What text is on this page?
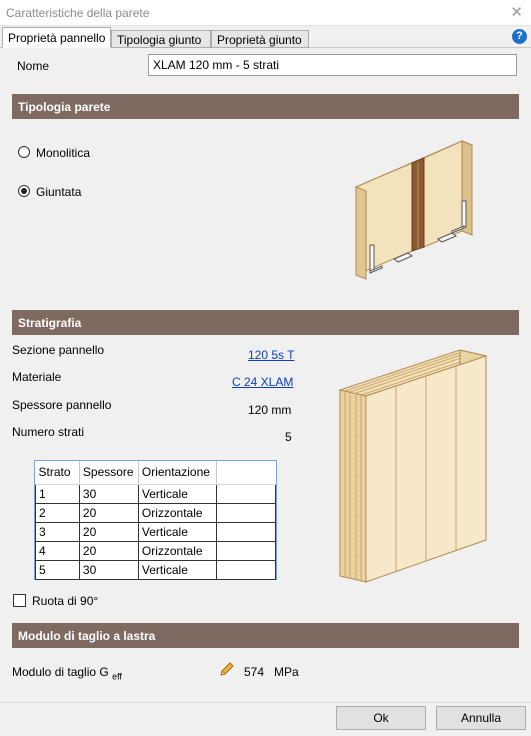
Caratteristiche della parete	✕
Proprietà pannello Tipologia giunto	Proprietà giunto	?
Nome	XLAM 120 mm - 5 strati
Tipologia parete
Monolitica
Giuntata
Stratigrafia
Sezione pannello	120 5s T
Materiale	C 24 XLAM
Spessore pannello	120 mm
Numero strati	5
Strato	Spessore	Orientazione	
1	30	Verticale	
2	20	Orizzontale	
3	20	Verticale	
4	20	Orizzontale	
5	30	Verticale	
Ruota di 90°
Modulo di taglio a lastra
Modulo di taglio G $_{eff}$	574 MPa
Ok	Annulla
